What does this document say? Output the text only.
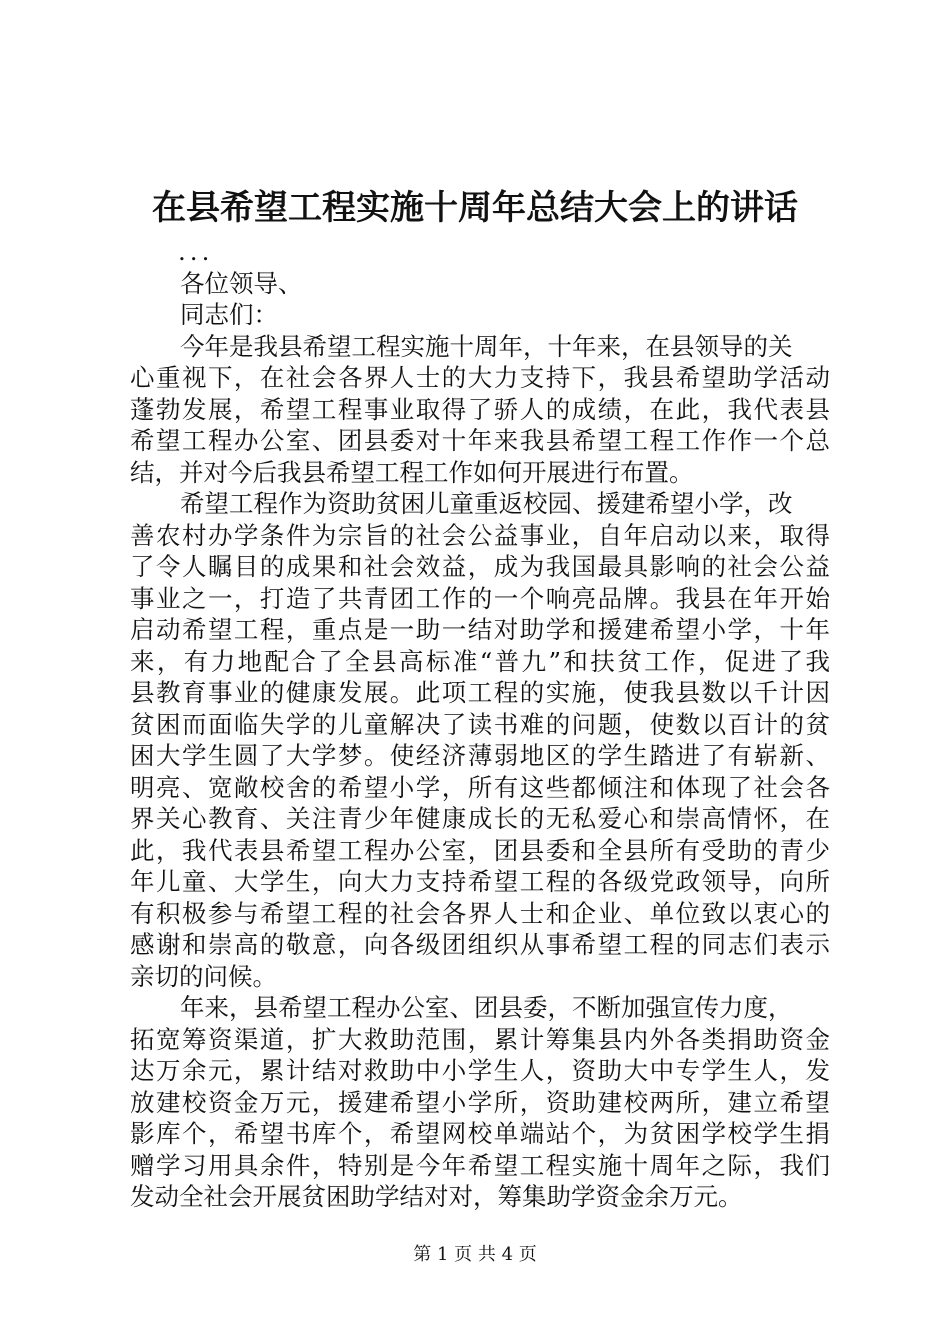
在县希望工程实施十周年总结大会上的讲话
...
各位领导、
同志们：
今年是我县希望工程实施十周年，十年来，在县领导的关
心重视下，在社会各界人士的大力支持下，我县希望助学活动
蓬勃发展，希望工程事业取得了骄人的成绩，在此，我代表县
希望工程办公室、团县委对十年来我县希望工程工作作一个总
结，并对今后我县希望工程工作如何开展进行布置。
希望工程作为资助贫困儿童重返校园、援建希望小学，改
善农村办学条件为宗旨的社会公益事业，自年启动以来，取得
了令人瞩目的成果和社会效益，成为我国最具影响的社会公益
事业之一，打造了共青团工作的一个响亮品牌。我县在年开始
启动希望工程，重点是一助一结对助学和援建希望小学，十年
来，有力地配合了全县高标准“普九”和扶贫工作，促进了我
县教育事业的健康发展。此项工程的实施，使我县数以千计因
贫困而面临失学的儿童解决了读书难的问题，使数以百计的贫
困大学生圆了大学梦。使经济薄弱地区的学生踏进了有崭新、
明亮、宽敞校舍的希望小学，所有这些都倾注和体现了社会各
界关心教育、关注青少年健康成长的无私爱心和崇高情怀，在
此，我代表县希望工程办公室，团县委和全县所有受助的青少
年儿童、大学生，向大力支持希望工程的各级党政领导，向所
有积极参与希望工程的社会各界人士和企业、单位致以衷心的
感谢和崇高的敬意，向各级团组织从事希望工程的同志们表示
亲切的问候。
年来，县希望工程办公室、团县委，不断加强宣传力度，
拓宽筹资渠道，扩大救助范围，累计筹集县内外各类捐助资金
达万余元，累计结对救助中小学生人，资助大中专学生人，发
放建校资金万元，援建希望小学所，资助建校两所，建立希望
影库个，希望书库个，希望网校单端站个，为贫困学校学生捐
赠学习用具余件，特别是今年希望工程实施十周年之际，我们
发动全社会开展贫困助学结对对，筹集助学资金余万元。
第 1 页 共 4 页
